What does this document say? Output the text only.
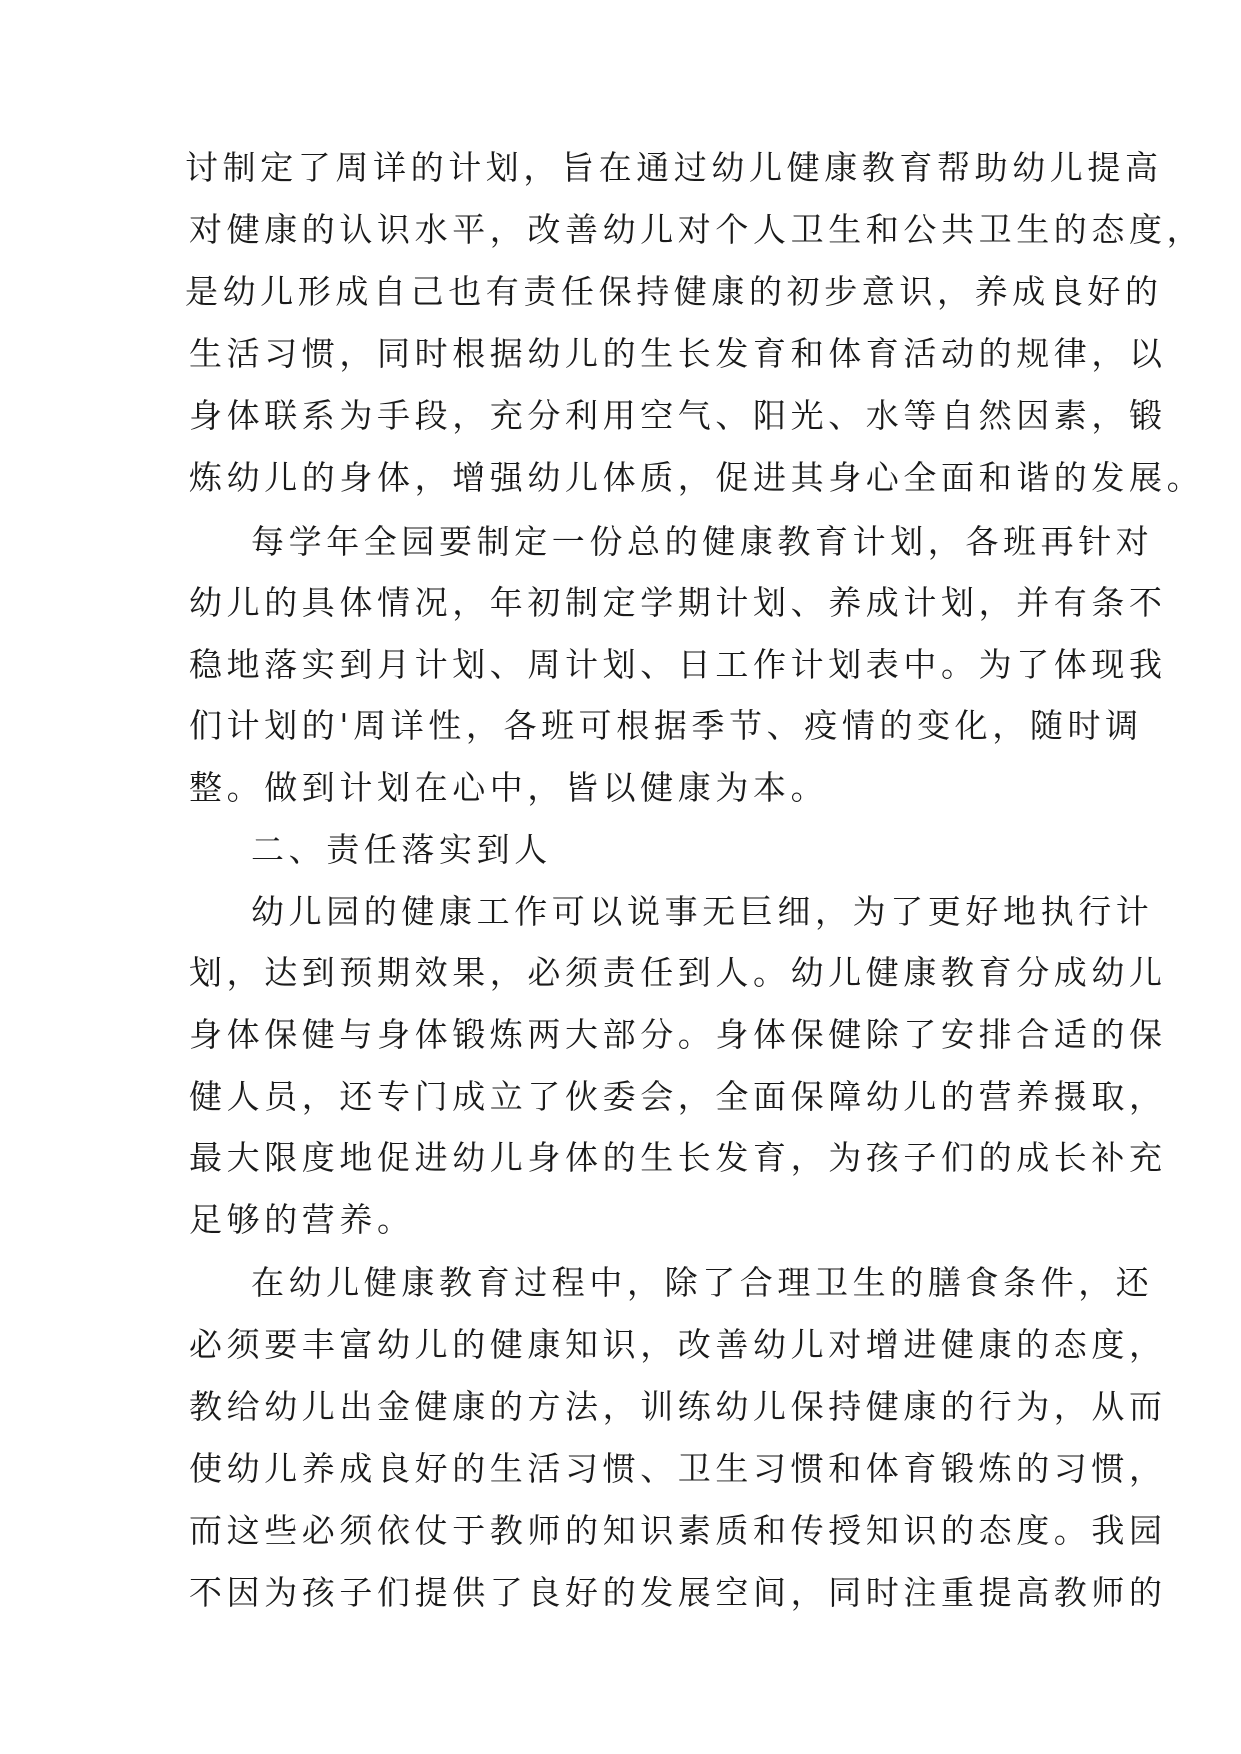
讨制定了周详的计划，旨在通过幼儿健康教育帮助幼儿提高
对健康的认识水平，改善幼儿对个人卫生和公共卫生的态度，
是幼儿形成自己也有责任保持健康的初步意识，养成良好的
生活习惯，同时根据幼儿的生长发育和体育活动的规律，以
身体联系为手段，充分利用空气、阳光、水等自然因素，锻
炼幼儿的身体，增强幼儿体质，促进其身心全面和谐的发展。
每学年全园要制定一份总的健康教育计划，各班再针对
幼儿的具体情况，年初制定学期计划、养成计划，并有条不
稳地落实到月计划、周计划、日工作计划表中。为了体现我
们计划的'周详性，各班可根据季节、疫情的变化，随时调
整。做到计划在心中，皆以健康为本。
二、责任落实到人
幼儿园的健康工作可以说事无巨细，为了更好地执行计
划，达到预期效果，必须责任到人。幼儿健康教育分成幼儿
身体保健与身体锻炼两大部分。身体保健除了安排合适的保
健人员，还专门成立了伙委会，全面保障幼儿的营养摄取，
最大限度地促进幼儿身体的生长发育，为孩子们的成长补充
足够的营养。
在幼儿健康教育过程中，除了合理卫生的膳食条件，还
必须要丰富幼儿的健康知识，改善幼儿对增进健康的态度，
教给幼儿出金健康的方法，训练幼儿保持健康的行为，从而
使幼儿养成良好的生活习惯、卫生习惯和体育锻炼的习惯，
而这些必须依仗于教师的知识素质和传授知识的态度。我园
不因为孩子们提供了良好的发展空间，同时注重提高教师的
